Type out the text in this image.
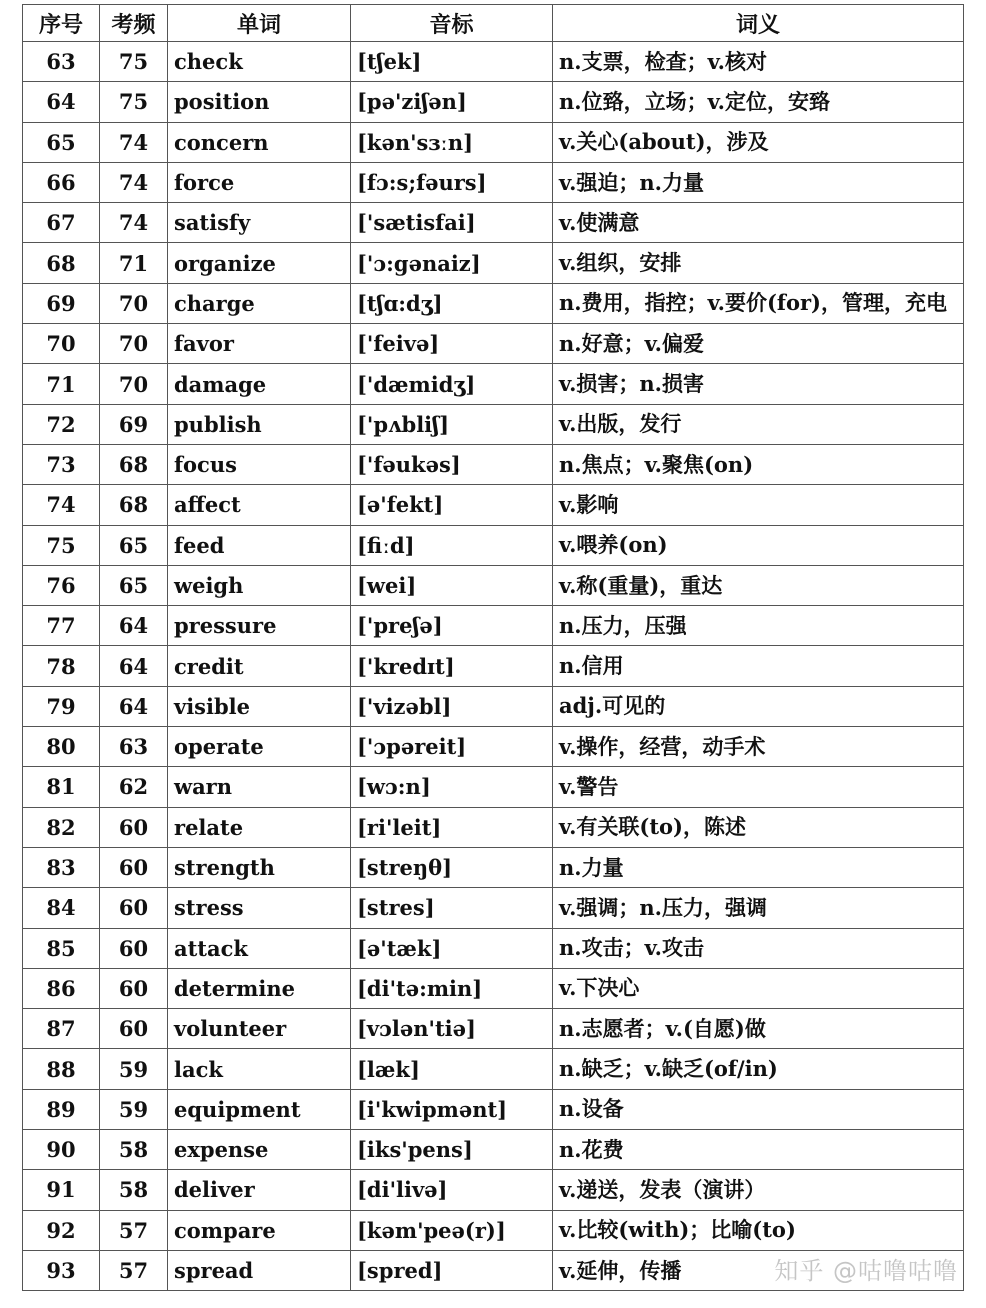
序号	考频	单词	音标	词义
63	75	check	[tʃek]	n.支票，检查；v.核对
64	75	position	[pə'ziʃən]	n.位臵，立场；v.定位，安臵
65	74	concern	[kən'sɜːn]	v.关心(about)，涉及
66	74	force	[fɔ:s;fəurs]	v.强迫；n.力量
67	74	satisfy	['sætisfai]	v.使满意
68	71	organize	['ɔ:gənaiz]	v.组织，安排
69	70	charge	[tʃɑ:dʒ]	n.费用，指控；v.要价(for)，管理，充电
70	70	favor	['feivə]	n.好意；v.偏爱
71	70	damage	['dæmidʒ]	v.损害；n.损害
72	69	publish	['pʌbliʃ]	v.出版，发行
73	68	focus	['fəukəs]	n.焦点；v.聚焦(on)
74	68	affect	[ə'fekt]	v.影响
75	65	feed	[fiːd]	v.喂养(on)
76	65	weigh	[wei]	v.称(重量)，重达
77	64	pressure	['preʃə]	n.压力，压强
78	64	credit	['kredɪt]	n.信用
79	64	visible	['vizəbl]	adj.可见的
80	63	operate	['ɔpəreit]	v.操作，经营，动手术
81	62	warn	[wɔ:n]	v.警告
82	60	relate	[ri'leit]	v.有关联(to)，陈述
83	60	strength	[streŋθ]	n.力量
84	60	stress	[stres]	v.强调；n.压力，强调
85	60	attack	[ə'tæk]	n.攻击；v.攻击
86	60	determine	[di'tə:min]	v.下决心
87	60	volunteer	[vɔlən'tiə]	n.志愿者；v.(自愿)做
88	59	lack	[læk]	n.缺乏；v.缺乏(of/in)
89	59	equipment	[i'kwipmənt]	n.设备
90	58	expense	[iks'pens]	n.花费
91	58	deliver	[di'livə]	v.递送，发表（演讲）
92	57	compare	[kəm'peə(r)]	v.比较(with)；比喻(to)
93	57	spread	[spred]	v.延伸，传播	知乎 @咕噜咕噜
